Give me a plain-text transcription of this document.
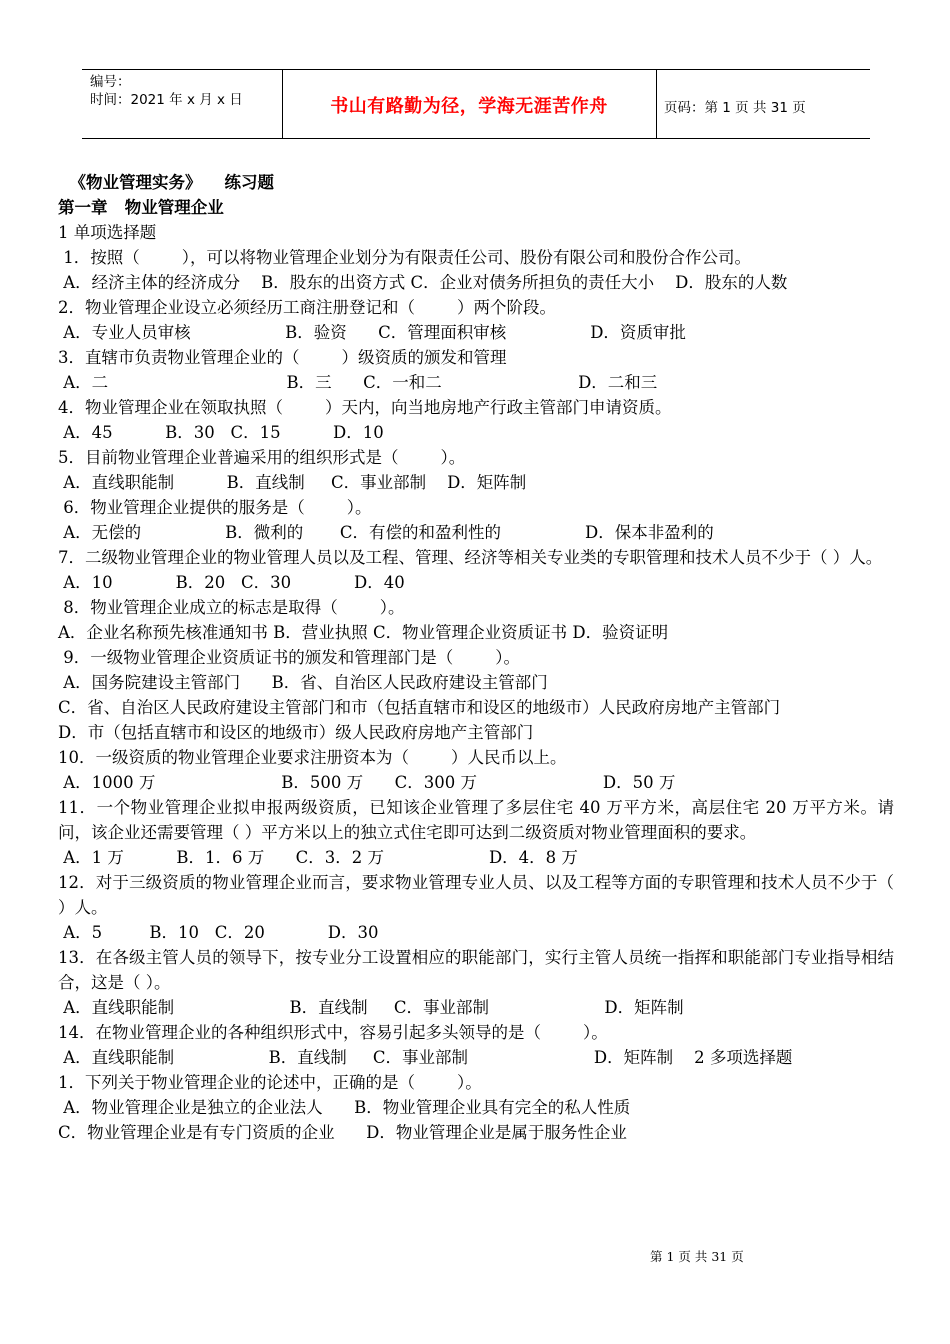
编号：
时间：2021 年 x 月 x 日	书山有路勤为径，学海无涯苦作舟	页码：第 1 页 共 31 页
《物业管理实务》    练习题
第一章   物业管理企业
1 单项选择题
1．按照（        ），可以将物业管理企业划分为有限责任公司、股份有限公司和股份合作公司。
A．经济主体的经济成分    B．股东的出资方式 C．企业对债务所担负的责任大小    D．股东的人数
2．物业管理企业设立必须经历工商注册登记和（        ）两个阶段。
A．专业人员审核                  B．验资      C．管理面积审核                D．资质审批
3．直辖市负责物业管理企业的（        ）级资质的颁发和管理
A．二                                  B．三      C．一和二                          D．二和三
4．物业管理企业在领取执照（        ）天内，向当地房地产行政主管部门申请资质。
A．45          B．30   C．15          D．10
5．目前物业管理企业普遍采用的组织形式是（        ）。
A．直线职能制          B．直线制     C．事业部制    D．矩阵制
6．物业管理企业提供的服务是（        ）。
A．无偿的                B．微利的       C．有偿的和盈利性的                D．保本非盈利的
7．二级物业管理企业的物业管理人员以及工程、管理、经济等相关专业类的专职管理和技术人员不少于（ ）人。
A．10            B．20   C．30            D．40
8．物业管理企业成立的标志是取得（        ）。
A．企业名称预先核准通知书 B．营业执照 C．物业管理企业资质证书 D．验资证明
9．一级物业管理企业资质证书的颁发和管理部门是（        ）。
A．国务院建设主管部门      B．省、自治区人民政府建设主管部门
C．省、自治区人民政府建设主管部门和市（包括直辖市和设区的地级市）人民政府房地产主管部门
D．市（包括直辖市和设区的地级市）级人民政府房地产主管部门
10．一级资质的物业管理企业要求注册资本为（        ）人民币以上。
A．1000 万                        B．500 万      C．300 万                        D．50 万
11．一个物业管理企业拟申报两级资质，已知该企业管理了多层住宅 40 万平方米，高层住宅 20 万平方米。请问，该企业还需要管理（ ）平方米以上的独立式住宅即可达到二级资质对物业管理面积的要求。
A．1 万          B．1．6 万      C．3．2 万                    D．4．8 万
12．对于三级资质的物业管理企业而言，要求物业管理专业人员、以及工程等方面的专职管理和技术人员不少于（ ）人。
A．5         B．10   C．20            D．30
13．在各级主管人员的领导下，按专业分工设置相应的职能部门，实行主管人员统一指挥和职能部门专业指导相结合，这是（ ）。
A．直线职能制                      B．直线制     C．事业部制                      D．矩阵制
14．在物业管理企业的各种组织形式中，容易引起多头领导的是（        ）。
A．直线职能制                  B．直线制     C．事业部制                        D．矩阵制    2 多项选择题
1．下列关于物业管理企业的论述中，正确的是（        ）。
A．物业管理企业是独立的企业法人      B．物业管理企业具有完全的私人性质
C．物业管理企业是有专门资质的企业      D．物业管理企业是属于服务性企业
第 1 页 共 31 页
